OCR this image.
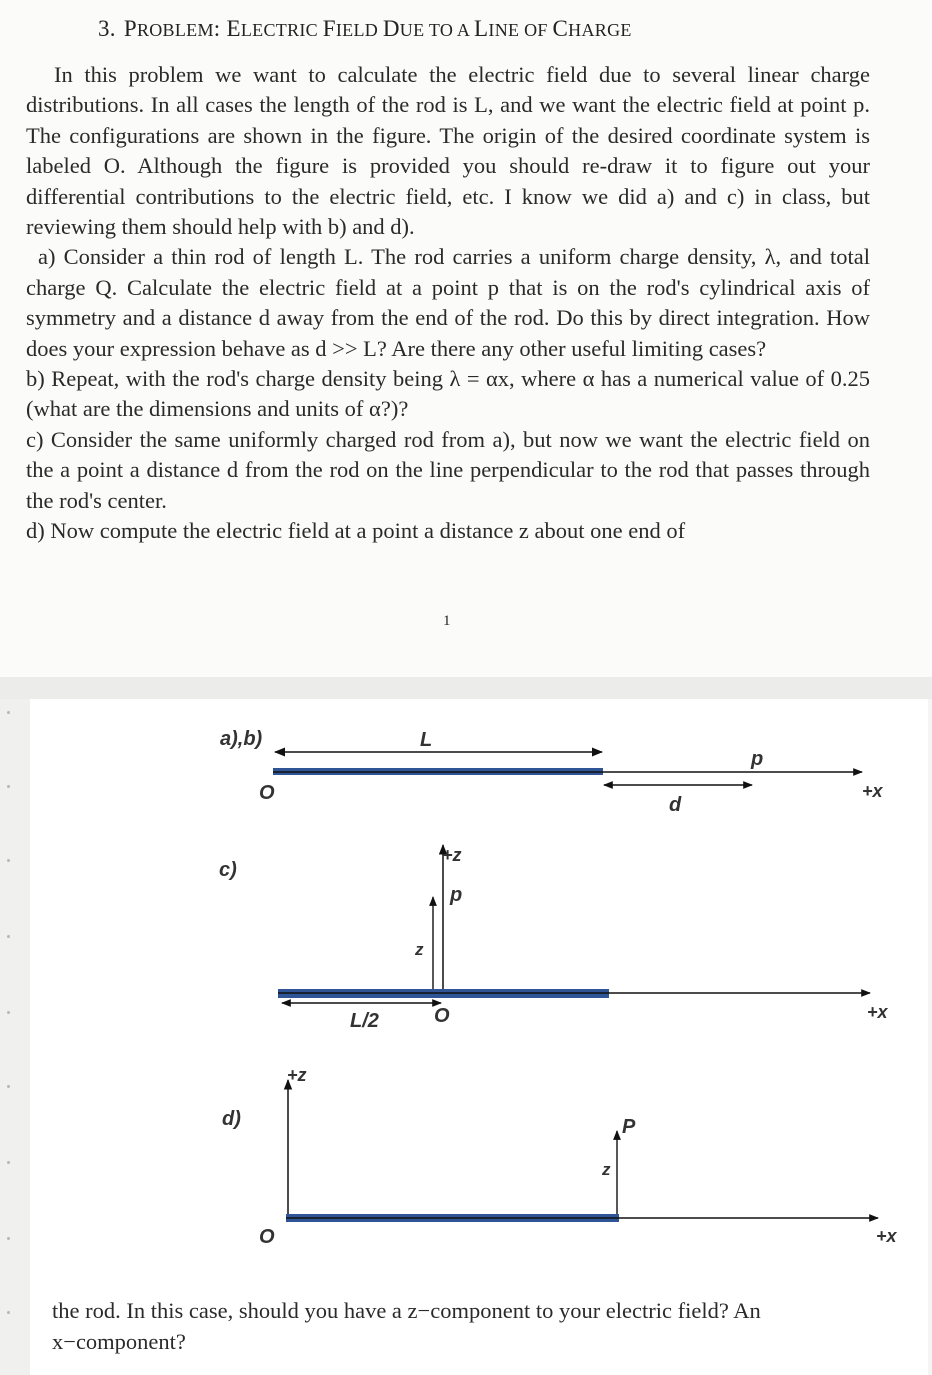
3. PROBLEM: ELECTRIC FIELD DUE TO A LINE OF CHARGE

In this problem we want to calculate the electric field due to several linear charge distributions. In all cases the length of the rod is L, and we want the electric field at point p. The configurations are shown in the figure. The origin of the desired coordinate system is labeled O. Although the figure is provided you should re-draw it to figure out your differential contributions to the electric field, etc. I know we did a) and c) in class, but reviewing them should help with b) and d).

a) Consider a thin rod of length L. The rod carries a uniform charge density, λ, and total charge Q. Calculate the electric field at a point p that is on the rod's cylindrical axis of symmetry and a distance d away from the end of the rod. Do this by direct integration. How does your expression behave as d >> L? Are there any other useful limiting cases?

b) Repeat, with the rod's charge density being λ = αx, where α has a numerical value of 0.25 (what are the dimensions and units of α?)?

c) Consider the same uniformly charged rod from a), but now we want the electric field on the a point a distance d from the rod on the line perpendicular to the rod that passes through the rod's center.

d) Now compute the electric field at a point a distance z about one end of

1
a),b)	L
p
O
d
+x
c)
+z
p
z
L/2	O	+x
d)
+z
P
z
O	+x

the rod. In this case, should you have a z−component to your electric field? An x−component?
